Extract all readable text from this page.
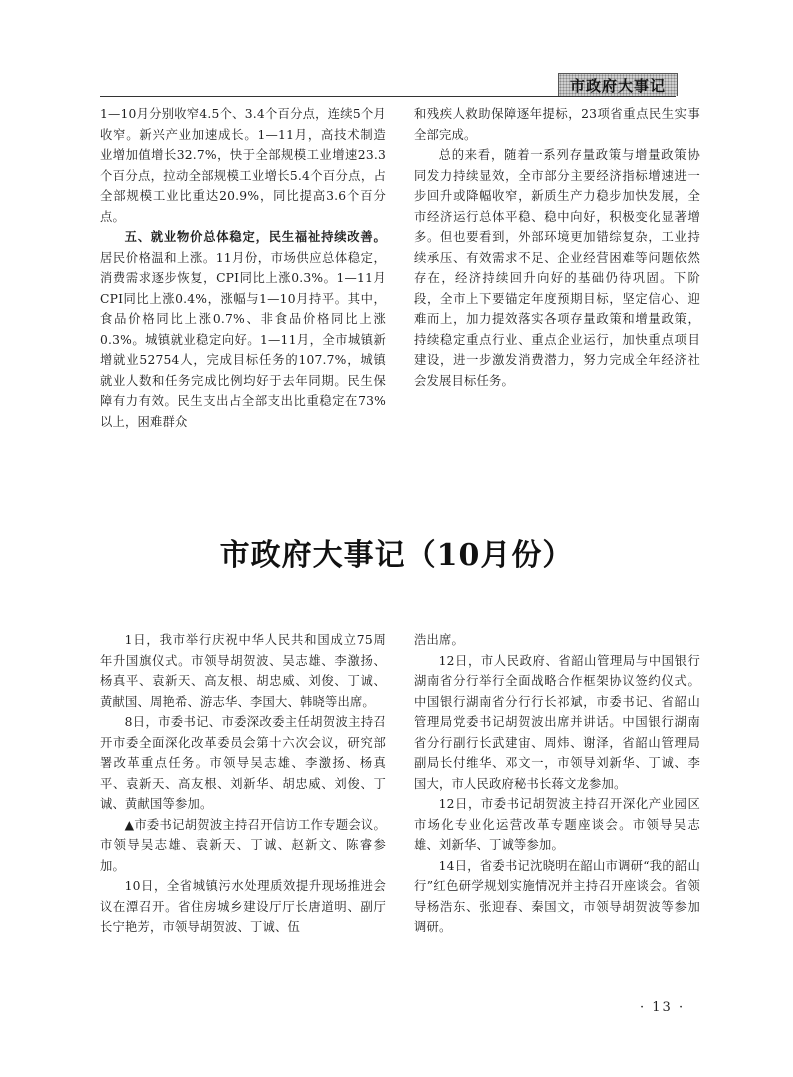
市政府大事记

1—10月分别收窄4.5个、3.4个百分点，连续5个月收窄。新兴产业加速成长。1—11月，高技术制造业增加值增长32.7%，快于全部规模工业增速23.3个百分点，拉动全部规模工业增长5.4个百分点，占全部规模工业比重达20.9%，同比提高3.6个百分点。

五、就业物价总体稳定，民生福祉持续改善。居民价格温和上涨。11月份，市场供应总体稳定，消费需求逐步恢复，CPI同比上涨0.3%。1—11月CPI同比上涨0.4%，涨幅与1—10月持平。其中，食品价格同比上涨0.7%、非食品价格同比上涨0.3%。城镇就业稳定向好。1—11月，全市城镇新增就业52754人，完成目标任务的107.7%，城镇就业人数和任务完成比例均好于去年同期。民生保障有力有效。民生支出占全部支出比重稳定在73%以上，困难群众

和残疾人救助保障逐年提标，23项省重点民生实事全部完成。

总的来看，随着一系列存量政策与增量政策协同发力持续显效，全市部分主要经济指标增速进一步回升或降幅收窄，新质生产力稳步加快发展，全市经济运行总体平稳、稳中向好，积极变化显著增多。但也要看到，外部环境更加错综复杂，工业持续承压、有效需求不足、企业经营困难等问题依然存在，经济持续回升向好的基础仍待巩固。下阶段，全市上下要锚定年度预期目标，坚定信心、迎难而上，加力提效落实各项存量政策和增量政策，持续稳定重点行业、重点企业运行，加快重点项目建设，进一步激发消费潜力，努力完成全年经济社会发展目标任务。

市政府大事记（10月份）

1日，我市举行庆祝中华人民共和国成立75周年升国旗仪式。市领导胡贺波、吴志雄、李激扬、杨真平、袁新天、高友根、胡忠威、刘俊、丁诚、黄献国、周艳希、游志华、李国大、韩晓等出席。

8日，市委书记、市委深改委主任胡贺波主持召开市委全面深化改革委员会第十六次会议，研究部署改革重点任务。市领导吴志雄、李激扬、杨真平、袁新天、高友根、刘新华、胡忠威、刘俊、丁诚、黄献国等参加。

▲市委书记胡贺波主持召开信访工作专题会议。市领导吴志雄、袁新天、丁诚、赵新文、陈睿参加。

10日，全省城镇污水处理质效提升现场推进会议在潭召开。省住房城乡建设厅厅长唐道明、副厅长宁艳芳，市领导胡贺波、丁诚、伍

浩出席。

12日，市人民政府、省韶山管理局与中国银行湖南省分行举行全面战略合作框架协议签约仪式。中国银行湖南省分行行长祁斌，市委书记、省韶山管理局党委书记胡贺波出席并讲话。中国银行湖南省分行副行长武建宙、周炜、谢泽，省韶山管理局副局长付维华、邓文一，市领导刘新华、丁诚、李国大，市人民政府秘书长蒋文龙参加。

12日，市委书记胡贺波主持召开深化产业园区市场化专业化运营改革专题座谈会。市领导吴志雄、刘新华、丁诚等参加。

14日，省委书记沈晓明在韶山市调研“我的韶山行”红色研学规划实施情况并主持召开座谈会。省领导杨浩东、张迎春、秦国文，市领导胡贺波等参加调研。

· 13 ·
